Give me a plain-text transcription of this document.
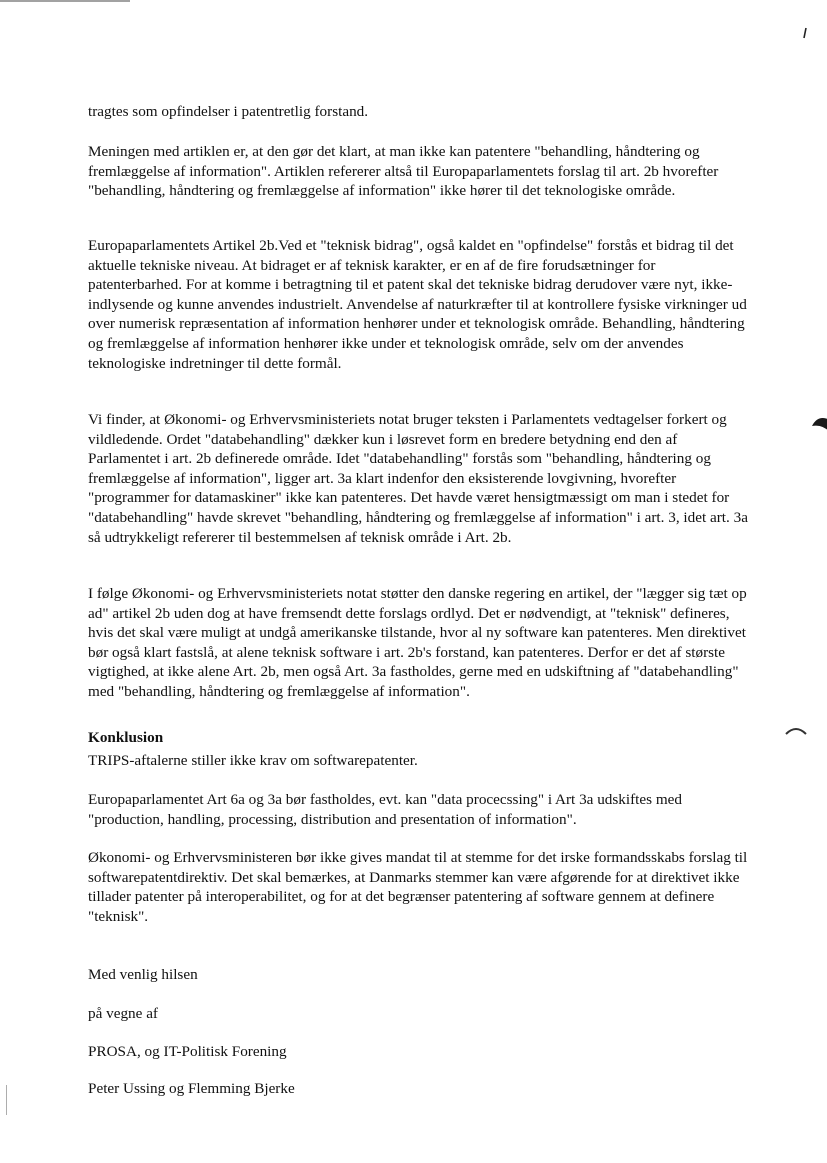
tragtes som opfindelser i patentretlig forstand.

Meningen med artiklen er, at den gør det klart, at man ikke kan patentere "behandling, håndtering og fremlæggelse af information". Artiklen refererer altså til Europaparlamentets forslag til art. 2b hvorefter "behandling, håndtering og fremlæggelse af information" ikke hører til det teknologiske område.

Europaparlamentets Artikel 2b.Ved et "teknisk bidrag", også kaldet en "opfindelse" forstås et bidrag til det aktuelle tekniske niveau. At bidraget er af teknisk karakter, er en af de fire forudsætninger for patenterbarhed. For at komme i betragtning til et patent skal det tekniske bidrag derudover være nyt, ikke-indlysende og kunne anvendes industrielt. Anvendelse af naturkræfter til at kontrollere fysiske virkninger ud over numerisk repræsentation af information henhører under et teknologisk område. Behandling, håndtering og fremlæggelse af information henhører ikke under et teknologisk område, selv om der anvendes teknologiske indretninger til dette formål.

Vi finder, at Økonomi- og Erhvervsministeriets notat bruger teksten i Parlamentets vedtagelser forkert og vildledende. Ordet "databehandling" dækker kun i løsrevet form en bredere betydning end den af Parlamentet i art. 2b definerede område. Idet "databehandling" forstås som "behandling, håndtering og fremlæggelse af information", ligger art. 3a klart indenfor den eksisterende lovgivning, hvorefter "programmer for datamaskiner" ikke kan patenteres. Det havde været hensigtmæssigt om man i stedet for "databehandling" havde skrevet "behandling, håndtering og fremlæggelse af information" i art. 3, idet art. 3a så udtrykkeligt refererer til bestemmelsen af teknisk område i Art. 2b.

I følge Økonomi- og Erhvervsministeriets notat støtter den danske regering en artikel, der "lægger sig tæt op ad" artikel 2b uden dog at have fremsendt dette forslags ordlyd. Det er nødvendigt, at "teknisk" defineres, hvis det skal være muligt at undgå amerikanske tilstande, hvor al ny software kan patenteres. Men direktivet bør også klart fastslå, at alene teknisk software i art. 2b's forstand, kan patenteres. Derfor er det af største vigtighed, at ikke alene Art. 2b, men også Art. 3a fastholdes, gerne med en udskiftning af "databehandling" med "behandling, håndtering og fremlæggelse af information".

Konklusion

TRIPS-aftalerne stiller ikke krav om softwarepatenter.

Europaparlamentet Art 6a og 3a bør fastholdes, evt. kan "data procecssing" i Art 3a udskiftes med "production, handling, processing, distribution and presentation of information".

Økonomi- og Erhvervsministeren bør ikke gives mandat til at stemme for det irske formandsskabs forslag til softwarepatentdirektiv. Det skal bemærkes, at Danmarks stemmer kan være afgørende for at direktivet ikke tillader patenter på interoperabilitet, og for at det begrænser patentering af software gennem at definere "teknisk".

Med venlig hilsen

på vegne af

PROSA, og IT-Politisk Forening

Peter Ussing og Flemming Bjerke
